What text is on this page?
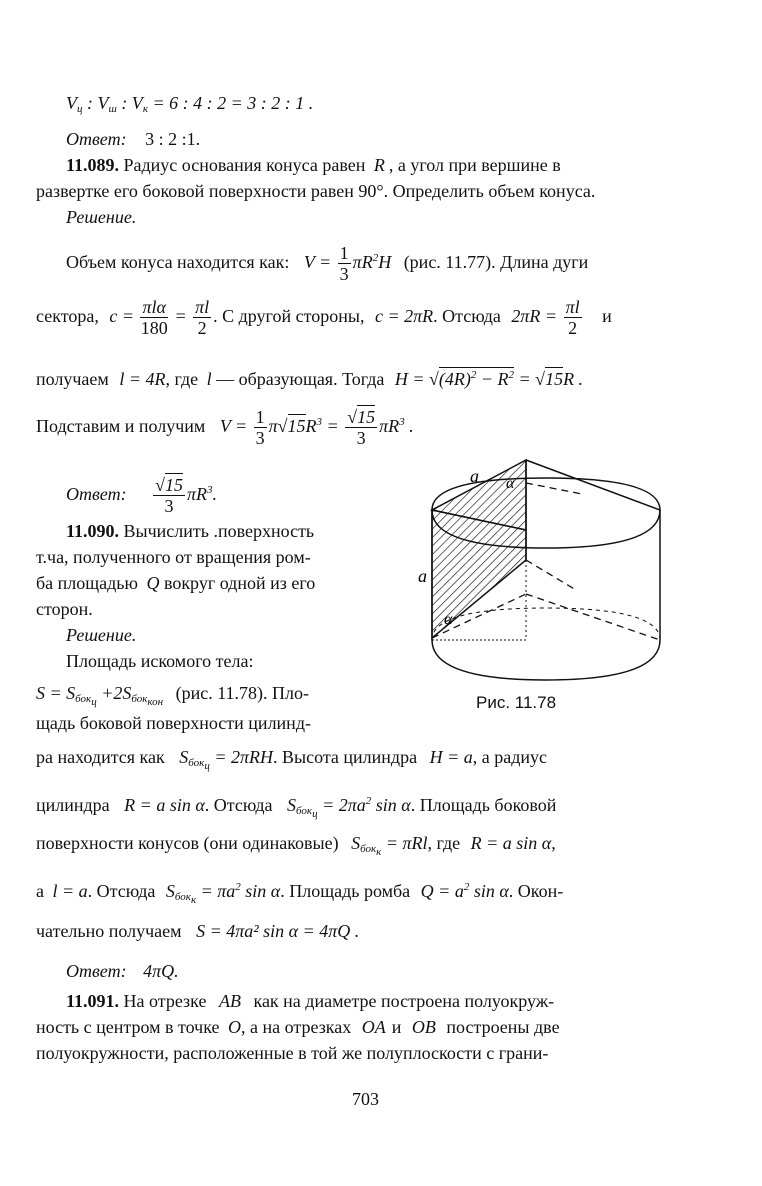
$V_ц$ : $V_ш$ : $V_к = 6$ : 4 : 2 = 3 : 2 : 1 .
Ответ: 3 : 2 :1.
11.089. Радиус основания конуса равен R , а угол при вершине в
развертке его боковой поверхности равен 90°. Определить объем конуса.
Решение.
Объем конуса находится как: $V = \frac{1}{3} \pi R^2H$ (рис. 11.77). Длина дуги
сектора, $c = \frac{\text{πlα}}{180} = \frac{\pi l}{2}$ . С другой стороны, c = 2πR. Отсюда $2\pi R = \frac{\pi l}{2}$ и
получаем l = 4R, где l — образующая. Тогда $H = √(4R)^2 - R^2 = √15R$ .
Подставим и получим $V = \frac{1}{3} \pi√15R^3 = \frac{√15}{3} \pi R^3$ .
Ответ: $\frac{√15}{3} \pi R^3$.
11.090. Вычислить .поверхность
т.ча, полученного от вращения ром-
ба площадью Q вокруг одной из его
сторон.
Решение.
Площадь искомого тела:
$S = S_{бок_ц} +2S_{бок_{кон}}$ (рис. 11.78). Пло-
щадь боковой поверхности цилинд-
ра находится как $S_{бок_ц} = 2\pi RH$. Высота цилиндра H = a, а радиус
цилиндра R = a sin α. Отсюда $S_{бок_ц} = 2\pi a^2$ sin α. Площадь боковой
поверхности конусов (они одинаковые) $S_{бок_к} = \pi Rl$, где R = a sin α,
а l = a. Отсюда $S_{бок_к} = \pi a^2$ sin α. Площадь ромба $Q = a^2$ sin α. Окон-
чательно получаем S = 4πa² sin α = 4πQ .
Ответ: 4πQ.
11.091. На отрезке AB как на диаметре построена полуокруж-
ность с центром в точке O, а на отрезках OA и OB построены две
полуокружности, расположенные в той же полуплоскости с грани-
703
a
a
α
α
Рис. 11.78
